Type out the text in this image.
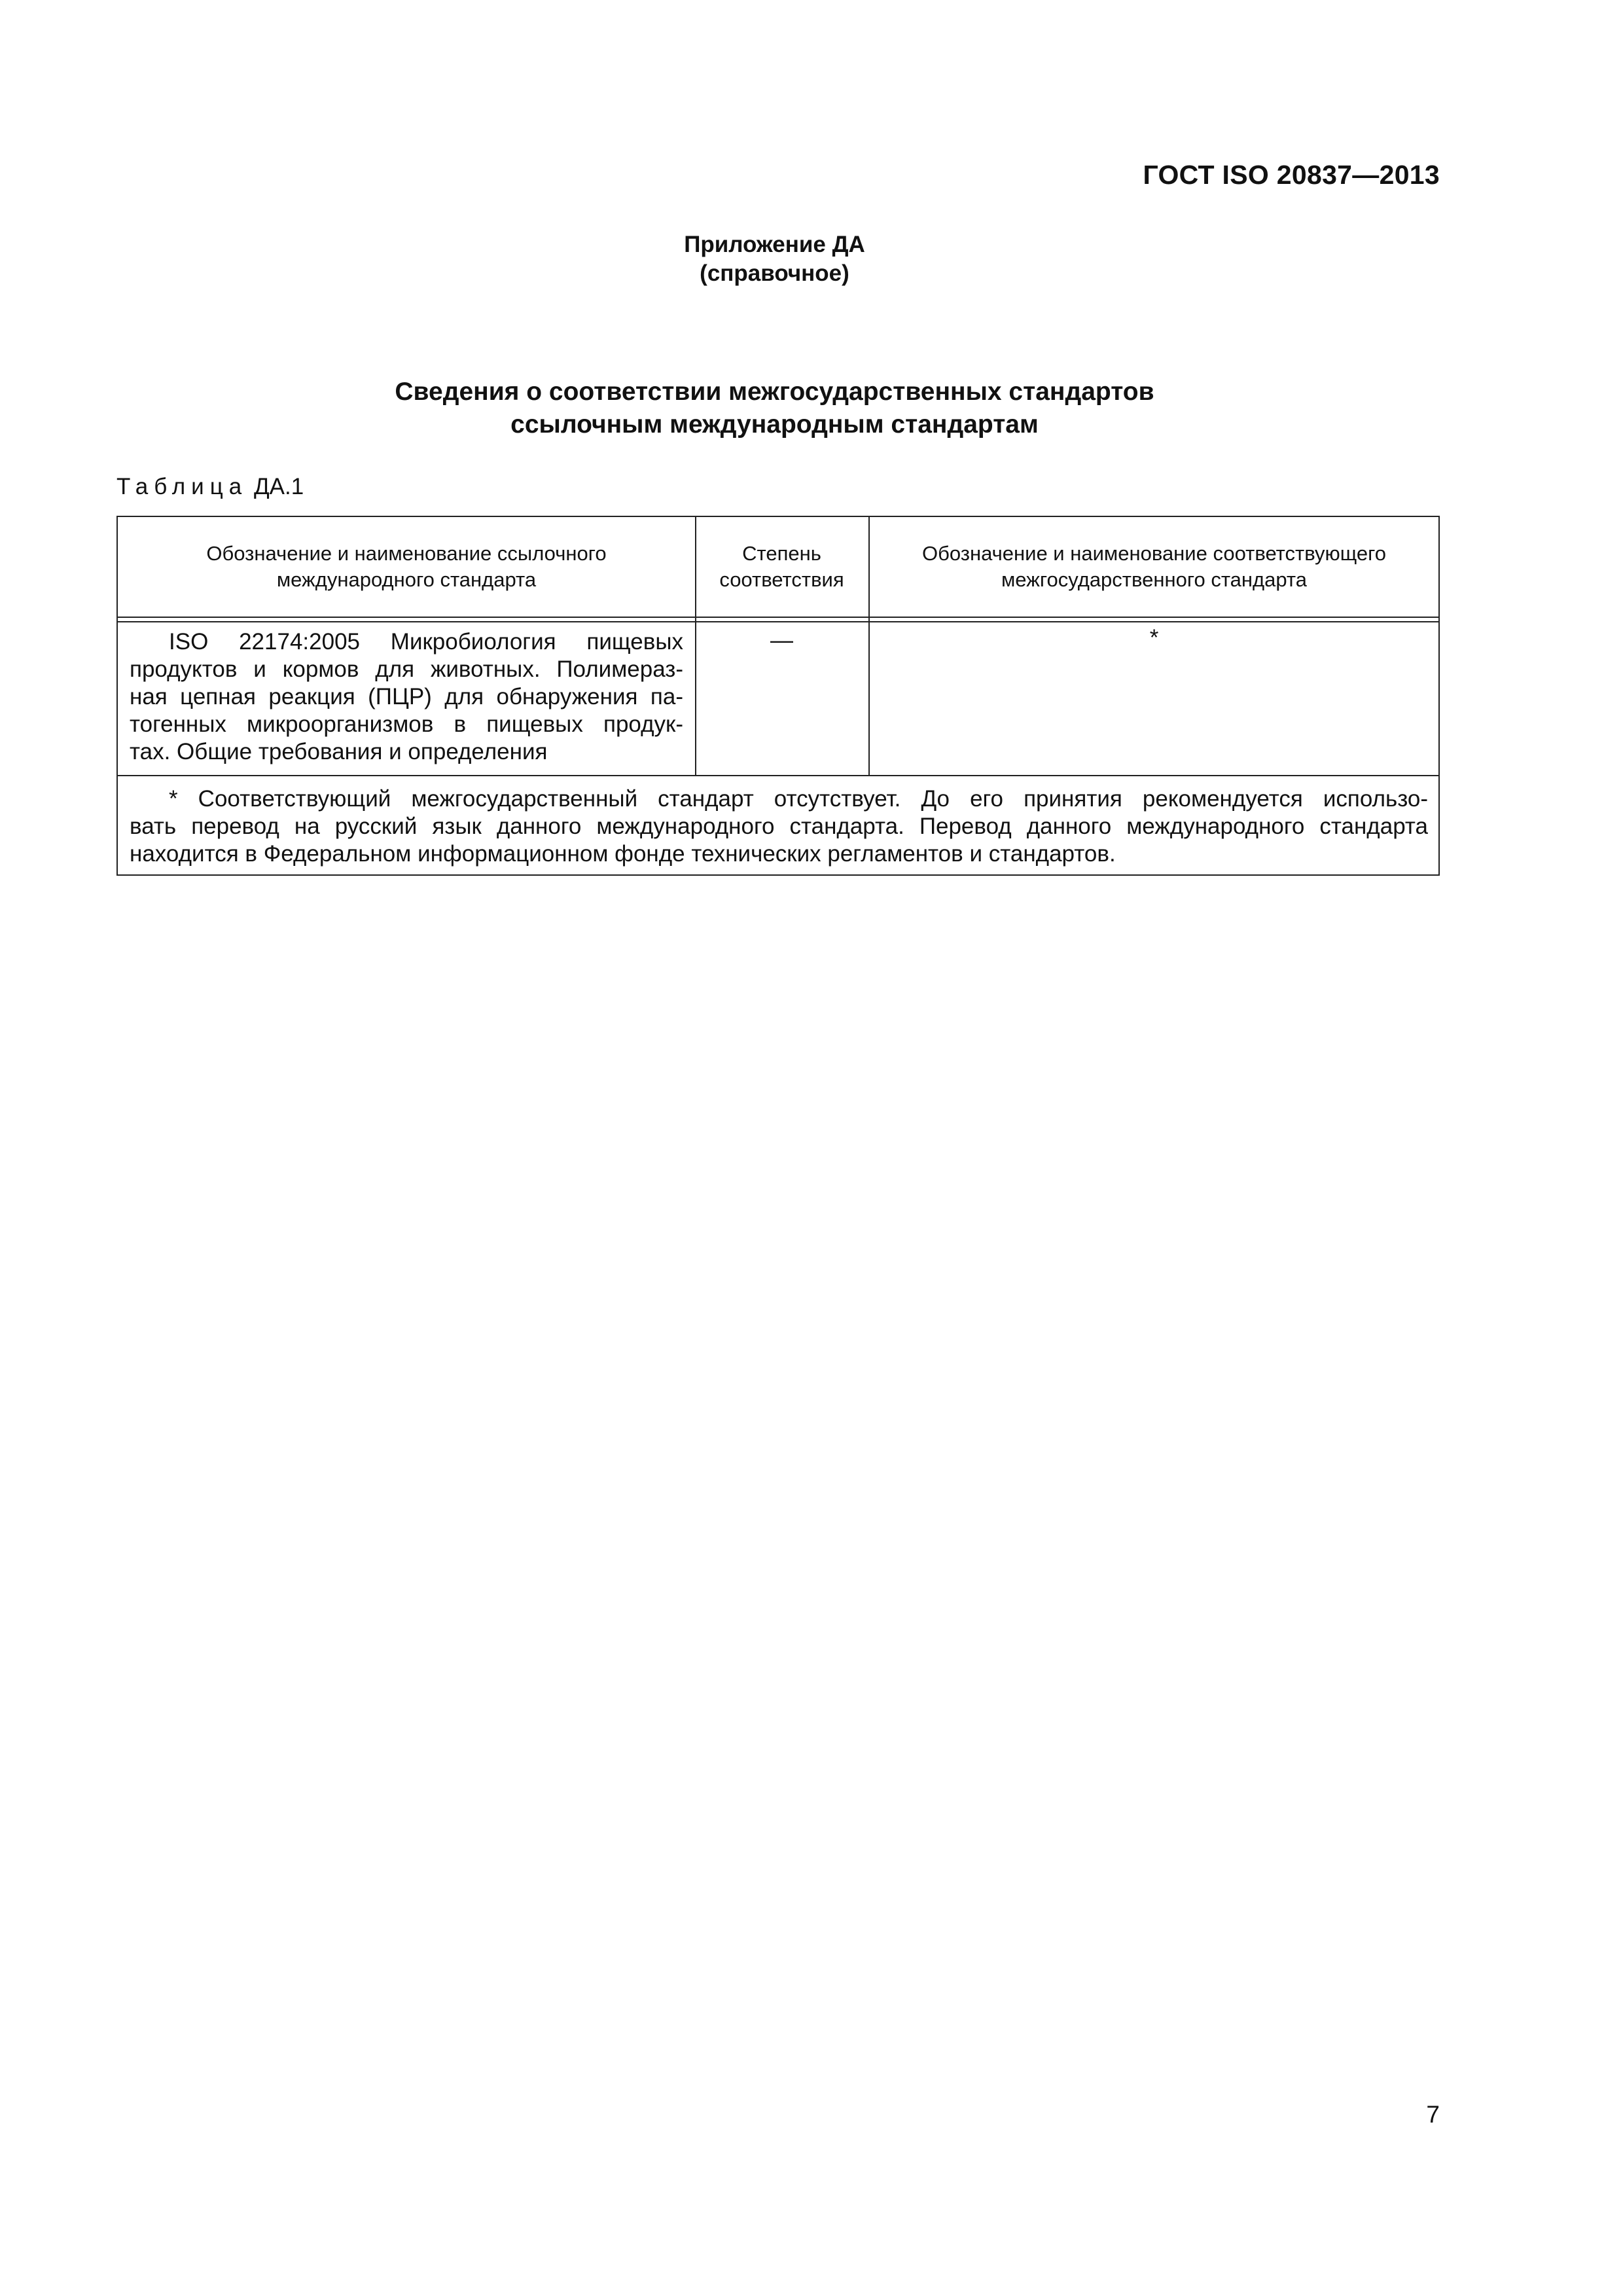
ГОСТ ISO 20837—2013
Приложение ДА
(справочное)
Сведения о соответствии межгосударственных стандартов
ссылочным международным стандартам
Таблица ДА.1
Обозначение и наименование ссылочного
международного стандарта
Степень
соответствия
Обозначение и наименование соответствующего
межгосударственного стандарта
ISO 22174:2005 Микробиология пищевых
продуктов и кормов для животных. Полимераз-
ная цепная реакция (ПЦР) для обнаружения па-
тогенных микроорганизмов в пищевых продук-
тах. Общие требования и определения
—	*
* Соответствующий межгосударственный стандарт отсутствует. До его принятия рекомендуется использо-
вать перевод на русский язык данного международного стандарта. Перевод данного международного стандарта
находится в Федеральном информационном фонде технических регламентов и стандартов.
7
